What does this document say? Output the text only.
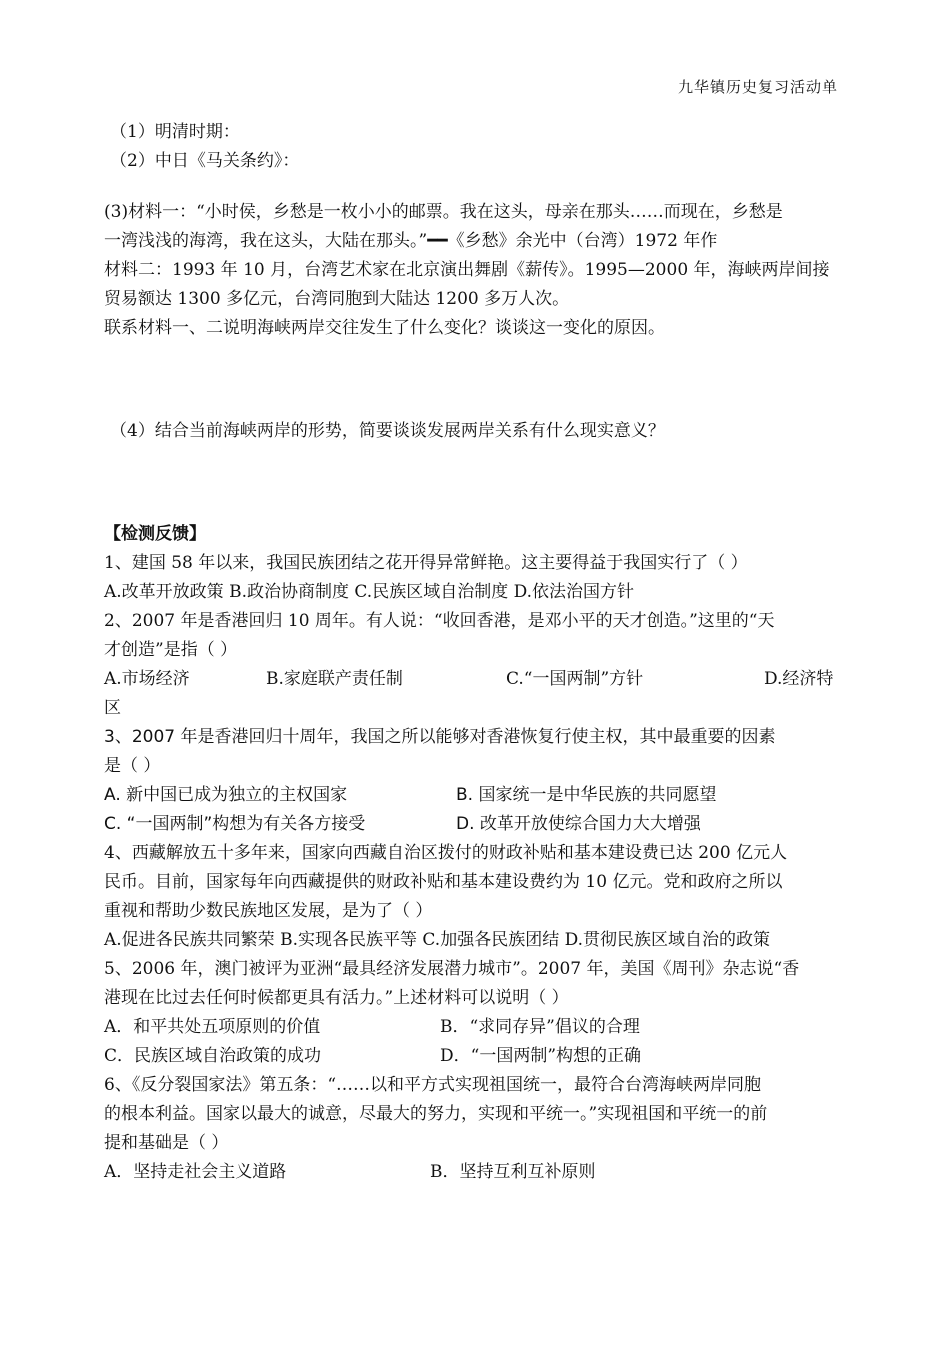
九华镇历史复习活动单
（1）明清时期：
（2）中日《马关条约》：
(3)材料一：“小时侯，乡愁是一枚小小的邮票。我在这头，母亲在那头……而现在，乡愁是
一湾浅浅的海湾，我在这头，大陆在那头。”━━《乡愁》余光中（台湾）1972 年作
材料二：1993 年 10 月，台湾艺术家在北京演出舞剧《薪传》。1995—2000 年，海峡两岸间接
贸易额达 1300 多亿元，台湾同胞到大陆达 1200 多万人次。
联系材料一、二说明海峡两岸交往发生了什么变化？谈谈这一变化的原因。
（4）结合当前海峡两岸的形势，简要谈谈发展两岸关系有什么现实意义？
【检测反馈】
1、建国 58 年以来，我国民族团结之花开得异常鲜艳。这主要得益于我国实行了（ ）
A.改革开放政策 B.政治协商制度 C.民族区域自治制度 D.依法治国方针
2、2007 年是香港回归 10 周年。有人说：“收回香港，是邓小平的天才创造。”这里的“天
才创造”是指（ ）
A.市场经济	B.家庭联产责任制	C.“一国两制”方针	D.经济特
区
3、2007 年是香港回归十周年，我国之所以能够对香港恢复行使主权，其中最重要的因素
是（ ）
A. 新中国已成为独立的主权国家	B. 国家统一是中华民族的共同愿望
C. “一国两制”构想为有关各方接受	D. 改革开放使综合国力大大增强
4、西藏解放五十多年来，国家向西藏自治区拨付的财政补贴和基本建设费已达 200 亿元人
民币。目前，国家每年向西藏提供的财政补贴和基本建设费约为 10 亿元。党和政府之所以
重视和帮助少数民族地区发展，是为了（ ）
A.促进各民族共同繁荣 B.实现各民族平等 C.加强各民族团结 D.贯彻民族区域自治的政策
5、2006 年，澳门被评为亚洲“最具经济发展潜力城市”。2007 年，美国《周刊》杂志说“香
港现在比过去任何时候都更具有活力。”上述材料可以说明（ ）
A．和平共处五项原则的价值	B．“求同存异”倡议的合理
C．民族区域自治政策的成功	D．“一国两制”构想的正确
6、《反分裂国家法》第五条：“……以和平方式实现祖国统一，最符合台湾海峡两岸同胞
的根本利益。国家以最大的诚意，尽最大的努力，实现和平统一。”实现祖国和平统一的前
提和基础是（ ）
A．坚持走社会主义道路	B．坚持互利互补原则
